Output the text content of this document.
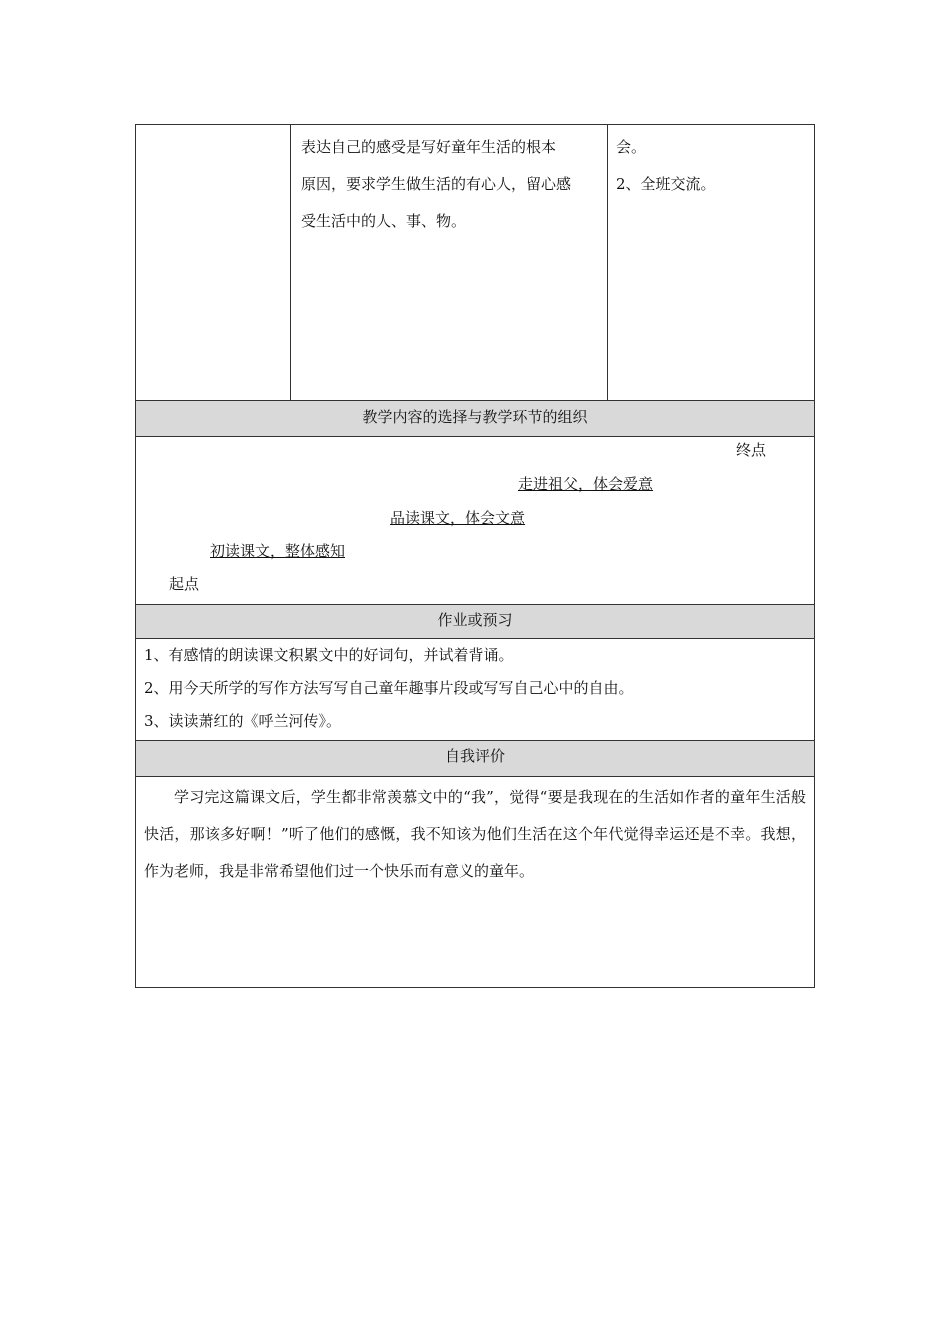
表达自己的感受是写好童年生活的根本
原因，要求学生做生活的有心人，留心感
受生活中的人、事、物。
会。
2、全班交流。
教学内容的选择与教学环节的组织
终点
走进祖父，体会爱意
品读课文，体会文意
初读课文，整体感知
起点
作业或预习
1、有感情的朗读课文积累文中的好词句，并试着背诵。
2、用今天所学的写作方法写写自己童年趣事片段或写写自己心中的自由。
3、读读萧红的《呼兰河传》。
自我评价

学习完这篇课文后，学生都非常羡慕文中的“我”，觉得“要是我现在的生活如作者的童年生活般快活，那该多好啊！”听了他们的感慨，我不知该为他们生活在这个年代觉得幸运还是不幸。我想，作为老师，我是非常希望他们过一个快乐而有意义的童年。
